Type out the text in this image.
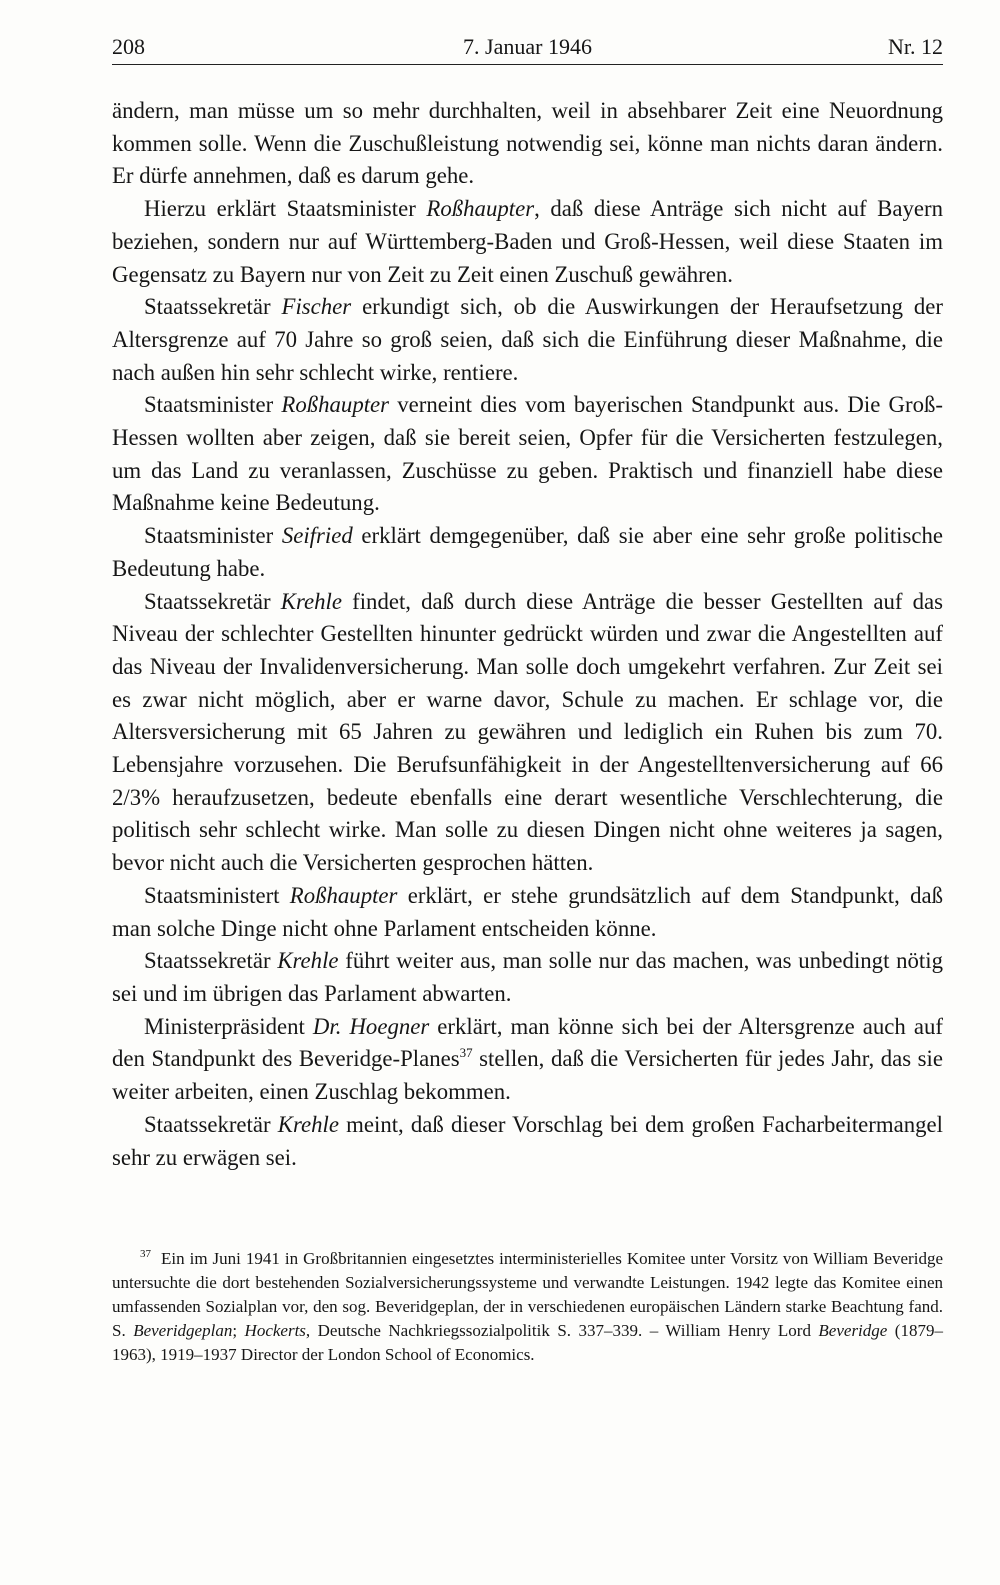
208	7. Januar 1946	Nr. 12

ändern, man müsse um so mehr durchhalten, weil in absehbarer Zeit eine Neuordnung kommen solle. Wenn die Zuschußleistung notwendig sei, könne man nichts daran ändern. Er dürfe annehmen, daß es darum gehe.

Hierzu erklärt Staatsminister Roßhaupter, daß diese Anträge sich nicht auf Bayern beziehen, sondern nur auf Württemberg-Baden und Groß-Hessen, weil diese Staaten im Gegensatz zu Bayern nur von Zeit zu Zeit einen Zuschuß gewähren.

Staatssekretär Fischer erkundigt sich, ob die Auswirkungen der Heraufsetzung der Altersgrenze auf 70 Jahre so groß seien, daß sich die Einführung dieser Maßnahme, die nach außen hin sehr schlecht wirke, rentiere.

Staatsminister Roßhaupter verneint dies vom bayerischen Standpunkt aus. Die Groß-Hessen wollten aber zeigen, daß sie bereit seien, Opfer für die Versicherten festzulegen, um das Land zu veranlassen, Zuschüsse zu geben. Praktisch und finanziell habe diese Maßnahme keine Bedeutung.

Staatsminister Seifried erklärt demgegenüber, daß sie aber eine sehr große politische Bedeutung habe.

Staatssekretär Krehle findet, daß durch diese Anträge die besser Gestellten auf das Niveau der schlechter Gestellten hinunter gedrückt würden und zwar die Angestellten auf das Niveau der Invalidenversicherung. Man solle doch umgekehrt verfahren. Zur Zeit sei es zwar nicht möglich, aber er warne davor, Schule zu machen. Er schlage vor, die Altersversicherung mit 65 Jahren zu gewähren und lediglich ein Ruhen bis zum 70. Lebensjahre vorzusehen. Die Berufsunfähigkeit in der Angestelltenversicherung auf 66 2/3% heraufzusetzen, bedeute ebenfalls eine derart wesentliche Verschlechterung, die politisch sehr schlecht wirke. Man solle zu diesen Dingen nicht ohne weiteres ja sagen, bevor nicht auch die Versicherten gesprochen hätten.

Staatsministert Roßhaupter erklärt, er stehe grundsätzlich auf dem Standpunkt, daß man solche Dinge nicht ohne Parlament entscheiden könne.

Staatssekretär Krehle führt weiter aus, man solle nur das machen, was unbedingt nötig sei und im übrigen das Parlament abwarten.

Ministerpräsident Dr. Hoegner erklärt, man könne sich bei der Altersgrenze auch auf den Standpunkt des Beveridge-Planes$^{37}$ stellen, daß die Versicherten für jedes Jahr, das sie weiter arbeiten, einen Zuschlag bekommen.

Staatssekretär Krehle meint, daß dieser Vorschlag bei dem großen Facharbeitermangel sehr zu erwägen sei.

$^{37}$ Ein im Juni 1941 in Großbritannien eingesetztes interministerielles Komitee unter Vorsitz von William Beveridge untersuchte die dort bestehenden Sozialversicherungssysteme und verwandte Leistungen. 1942 legte das Komitee einen umfassenden Sozialplan vor, den sog. Beveridgeplan, der in verschiedenen europäischen Ländern starke Beachtung fand. S. Beveridgeplan; Hockerts, Deutsche Nachkriegssozialpolitik S. 337–339. – William Henry Lord Beveridge (1879–1963), 1919–1937 Director der London School of Economics.
